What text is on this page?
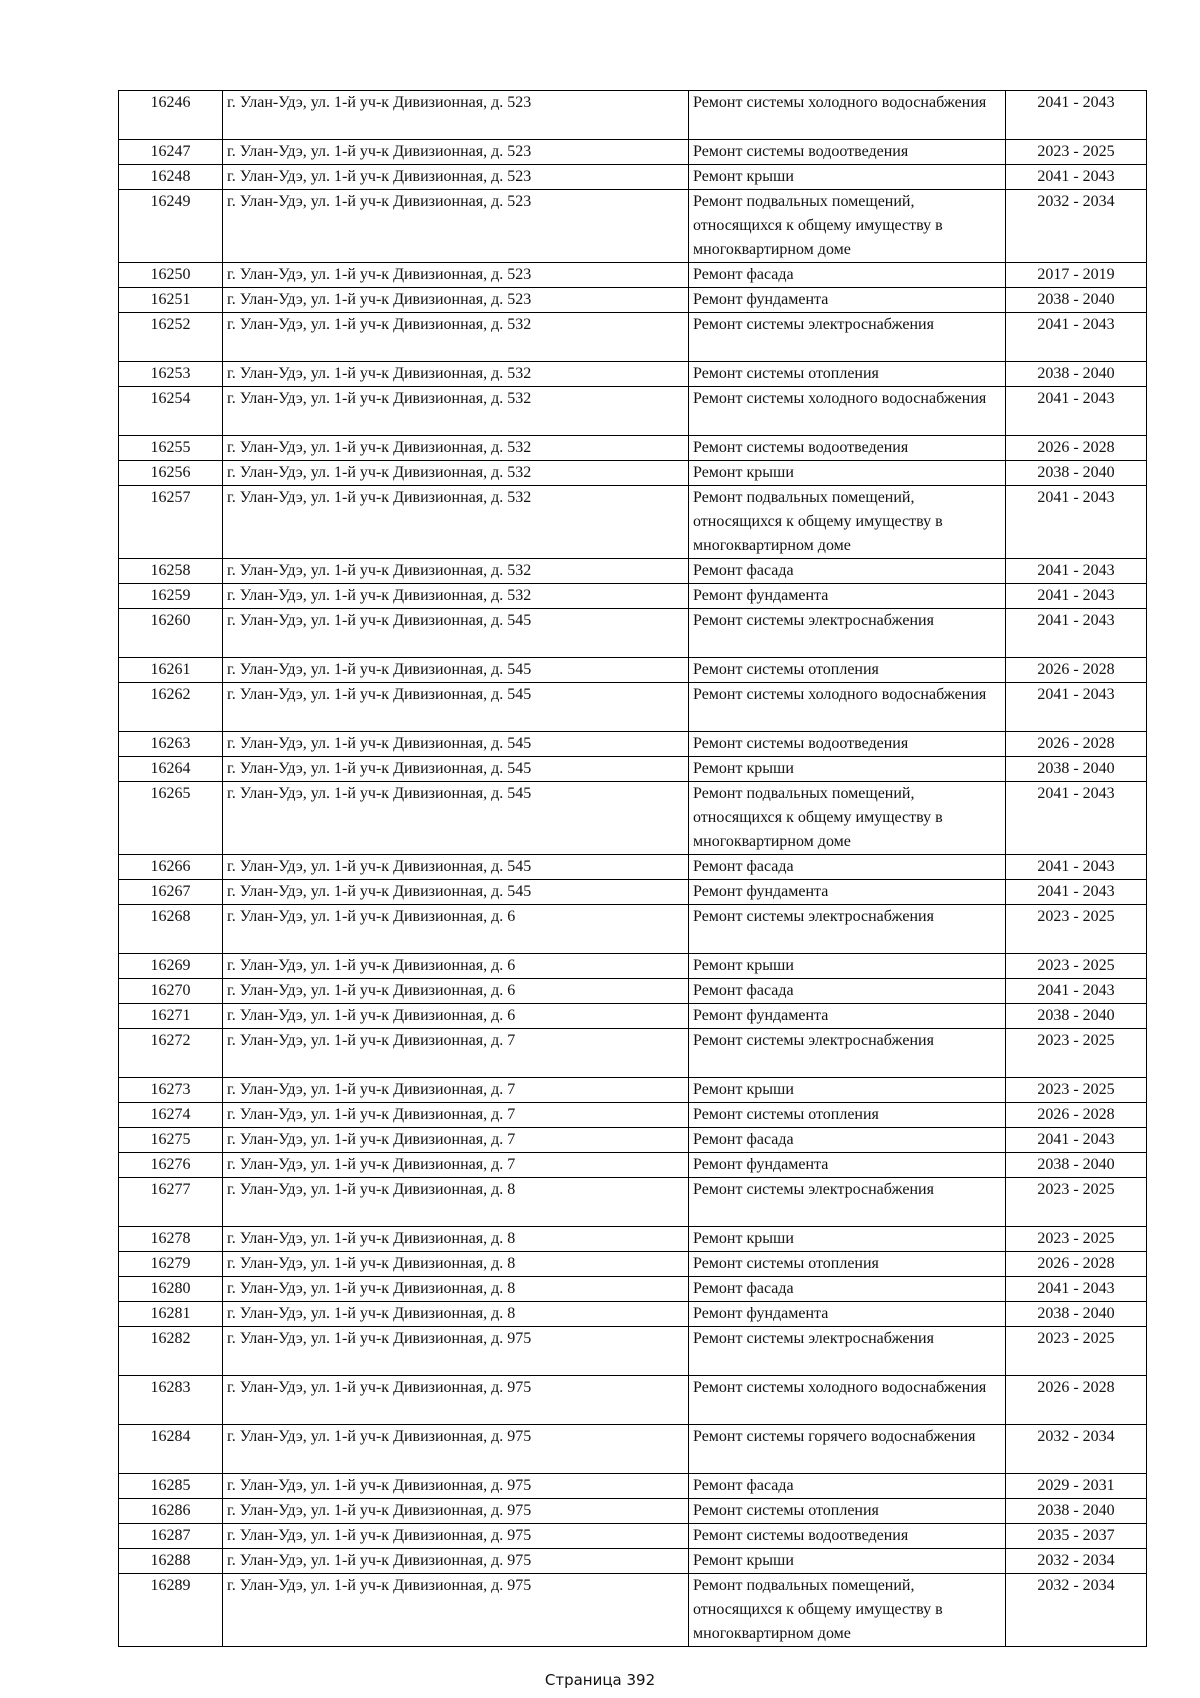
16246	г. Улан-Удэ, ул. 1-й уч-к Дивизионная, д. 523	Ремонт системы холодного водоснабжения	2041 - 2043
16247	г. Улан-Удэ, ул. 1-й уч-к Дивизионная, д. 523	Ремонт системы водоотведения	2023 - 2025
16248	г. Улан-Удэ, ул. 1-й уч-к Дивизионная, д. 523	Ремонт крыши	2041 - 2043
16249	г. Улан-Удэ, ул. 1-й уч-к Дивизионная, д. 523	Ремонт подвальных помещений, относящихся к общему имуществу в многоквартирном доме	2032 - 2034
16250	г. Улан-Удэ, ул. 1-й уч-к Дивизионная, д. 523	Ремонт фасада	2017 - 2019
16251	г. Улан-Удэ, ул. 1-й уч-к Дивизионная, д. 523	Ремонт фундамента	2038 - 2040
16252	г. Улан-Удэ, ул. 1-й уч-к Дивизионная, д. 532	Ремонт системы электроснабжения	2041 - 2043
16253	г. Улан-Удэ, ул. 1-й уч-к Дивизионная, д. 532	Ремонт системы отопления	2038 - 2040
16254	г. Улан-Удэ, ул. 1-й уч-к Дивизионная, д. 532	Ремонт системы холодного водоснабжения	2041 - 2043
16255	г. Улан-Удэ, ул. 1-й уч-к Дивизионная, д. 532	Ремонт системы водоотведения	2026 - 2028
16256	г. Улан-Удэ, ул. 1-й уч-к Дивизионная, д. 532	Ремонт крыши	2038 - 2040
16257	г. Улан-Удэ, ул. 1-й уч-к Дивизионная, д. 532	Ремонт подвальных помещений, относящихся к общему имуществу в многоквартирном доме	2041 - 2043
16258	г. Улан-Удэ, ул. 1-й уч-к Дивизионная, д. 532	Ремонт фасада	2041 - 2043
16259	г. Улан-Удэ, ул. 1-й уч-к Дивизионная, д. 532	Ремонт фундамента	2041 - 2043
16260	г. Улан-Удэ, ул. 1-й уч-к Дивизионная, д. 545	Ремонт системы электроснабжения	2041 - 2043
16261	г. Улан-Удэ, ул. 1-й уч-к Дивизионная, д. 545	Ремонт системы отопления	2026 - 2028
16262	г. Улан-Удэ, ул. 1-й уч-к Дивизионная, д. 545	Ремонт системы холодного водоснабжения	2041 - 2043
16263	г. Улан-Удэ, ул. 1-й уч-к Дивизионная, д. 545	Ремонт системы водоотведения	2026 - 2028
16264	г. Улан-Удэ, ул. 1-й уч-к Дивизионная, д. 545	Ремонт крыши	2038 - 2040
16265	г. Улан-Удэ, ул. 1-й уч-к Дивизионная, д. 545	Ремонт подвальных помещений, относящихся к общему имуществу в многоквартирном доме	2041 - 2043
16266	г. Улан-Удэ, ул. 1-й уч-к Дивизионная, д. 545	Ремонт фасада	2041 - 2043
16267	г. Улан-Удэ, ул. 1-й уч-к Дивизионная, д. 545	Ремонт фундамента	2041 - 2043
16268	г. Улан-Удэ, ул. 1-й уч-к Дивизионная, д. 6	Ремонт системы электроснабжения	2023 - 2025
16269	г. Улан-Удэ, ул. 1-й уч-к Дивизионная, д. 6	Ремонт крыши	2023 - 2025
16270	г. Улан-Удэ, ул. 1-й уч-к Дивизионная, д. 6	Ремонт фасада	2041 - 2043
16271	г. Улан-Удэ, ул. 1-й уч-к Дивизионная, д. 6	Ремонт фундамента	2038 - 2040
16272	г. Улан-Удэ, ул. 1-й уч-к Дивизионная, д. 7	Ремонт системы электроснабжения	2023 - 2025
16273	г. Улан-Удэ, ул. 1-й уч-к Дивизионная, д. 7	Ремонт крыши	2023 - 2025
16274	г. Улан-Удэ, ул. 1-й уч-к Дивизионная, д. 7	Ремонт системы отопления	2026 - 2028
16275	г. Улан-Удэ, ул. 1-й уч-к Дивизионная, д. 7	Ремонт фасада	2041 - 2043
16276	г. Улан-Удэ, ул. 1-й уч-к Дивизионная, д. 7	Ремонт фундамента	2038 - 2040
16277	г. Улан-Удэ, ул. 1-й уч-к Дивизионная, д. 8	Ремонт системы электроснабжения	2023 - 2025
16278	г. Улан-Удэ, ул. 1-й уч-к Дивизионная, д. 8	Ремонт крыши	2023 - 2025
16279	г. Улан-Удэ, ул. 1-й уч-к Дивизионная, д. 8	Ремонт системы отопления	2026 - 2028
16280	г. Улан-Удэ, ул. 1-й уч-к Дивизионная, д. 8	Ремонт фасада	2041 - 2043
16281	г. Улан-Удэ, ул. 1-й уч-к Дивизионная, д. 8	Ремонт фундамента	2038 - 2040
16282	г. Улан-Удэ, ул. 1-й уч-к Дивизионная, д. 975	Ремонт системы электроснабжения	2023 - 2025
16283	г. Улан-Удэ, ул. 1-й уч-к Дивизионная, д. 975	Ремонт системы холодного водоснабжения	2026 - 2028
16284	г. Улан-Удэ, ул. 1-й уч-к Дивизионная, д. 975	Ремонт системы горячего водоснабжения	2032 - 2034
16285	г. Улан-Удэ, ул. 1-й уч-к Дивизионная, д. 975	Ремонт фасада	2029 - 2031
16286	г. Улан-Удэ, ул. 1-й уч-к Дивизионная, д. 975	Ремонт системы отопления	2038 - 2040
16287	г. Улан-Удэ, ул. 1-й уч-к Дивизионная, д. 975	Ремонт системы водоотведения	2035 - 2037
16288	г. Улан-Удэ, ул. 1-й уч-к Дивизионная, д. 975	Ремонт крыши	2032 - 2034
16289	г. Улан-Удэ, ул. 1-й уч-к Дивизионная, д. 975	Ремонт подвальных помещений, относящихся к общему имуществу в многоквартирном доме	2032 - 2034
Страница 392
